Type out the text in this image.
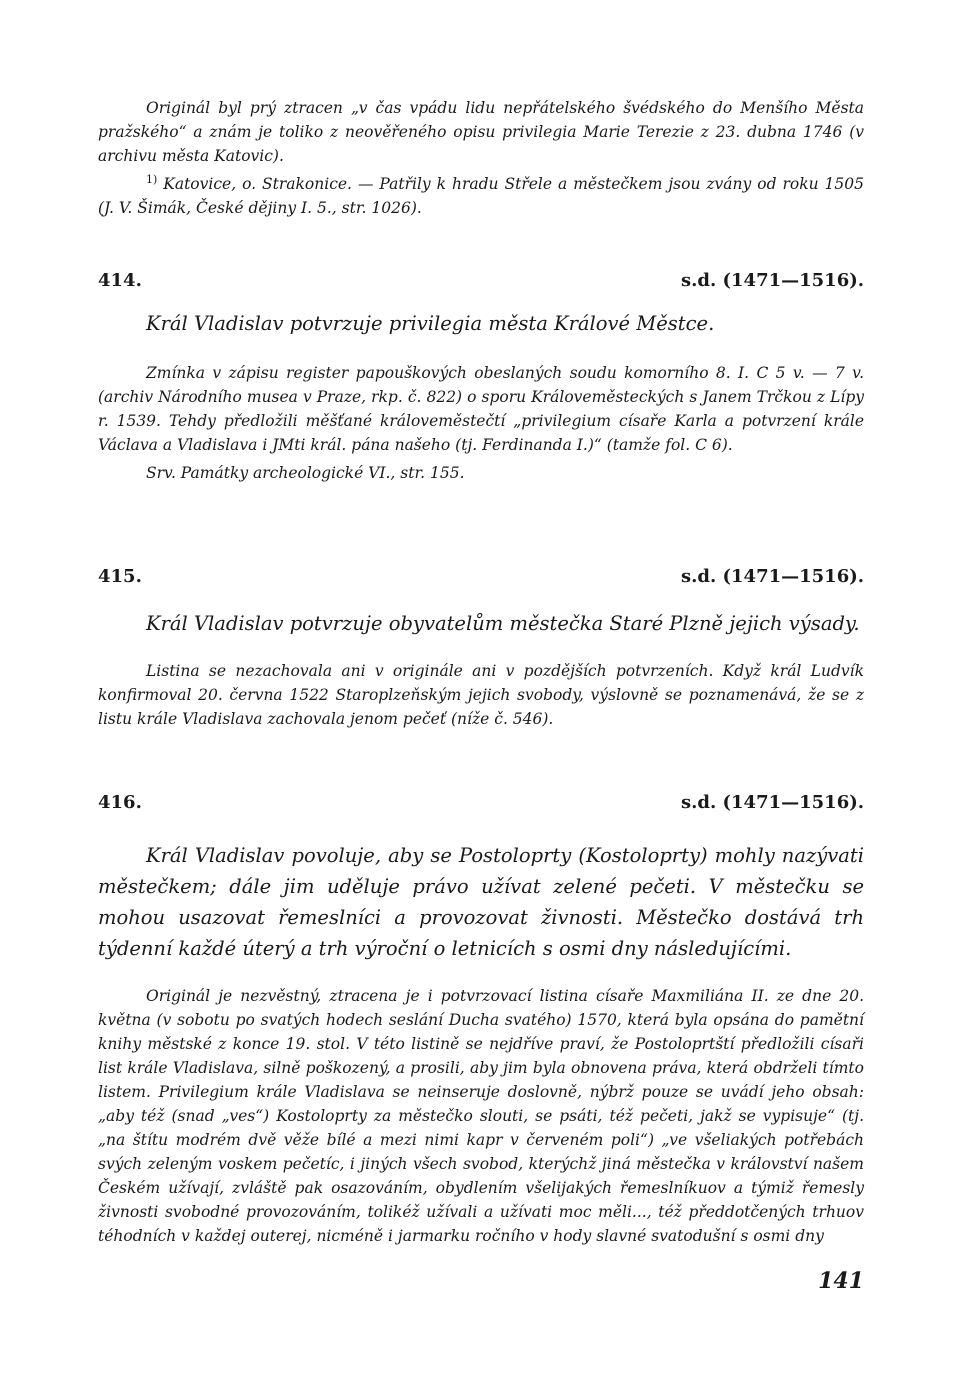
Originál byl prý ztracen „v čas vpádu lidu nepřátelského švédského do Menšího Města pražského“ a znám je toliko z neověřeného opisu privilegia Marie Terezie z 23. dubna 1746 (v archivu města Katovic).

$^{1)}$ Katovice, o. Strakonice. — Patřily k hradu Střele a městečkem jsou zvány od roku 1505 (J. V. Šimák, České dějiny I. 5., str. 1026).

414.	s.d. (1471—1516).

Král Vladislav potvrzuje privilegia města Králové Městce.

Zmínka v zápisu register papouškových obeslaných soudu komorního 8. I. C 5 v. — 7 v. (archiv Národního musea v Praze, rkp. č. 822) o sporu Královeměsteckých s Janem Trčkou z Lípy r. 1539. Tehdy předložili měšťané královeměstečtí „privilegium císaře Karla a potvrzení krále Václava a Vladislava i JMti král. pána našeho (tj. Ferdinanda I.)“ (tamže fol. C 6).

Srv. Památky archeologické VI., str. 155.

415.	s.d. (1471—1516).

Král Vladislav potvrzuje obyvatelům městečka Staré Plzně jejich výsady.

Listina se nezachovala ani v originále ani v pozdějších potvrzeních. Když král Ludvík konfirmoval 20. června 1522 Staroplzeňským jejich svobody, výslovně se poznamenává, že se z listu krále Vladislava zachovala jenom pečeť (níže č. 546).

416.	s.d. (1471—1516).

Král Vladislav povoluje, aby se Postoloprty (Kostoloprty) mohly nazývati městečkem; dále jim uděluje právo užívat zelené pečeti. V městečku se mohou usazovat řemeslníci a provozovat živnosti. Městečko dostává trh týdenní každé úterý a trh výroční o letnicích s osmi dny následujícími.

Originál je nezvěstný, ztracena je i potvrzovací listina císaře Maxmiliána II. ze dne 20. května (v sobotu po svatých hodech seslání Ducha svatého) 1570, která byla opsána do pamětní knihy městské z konce 19. stol. V této listině se nejdříve praví, že Postoloprtští předložili císaři list krále Vladislava, silně poškozený, a prosili, aby jim byla obnovena práva, která obdrželi tímto listem. Privilegium krále Vladislava se neinseruje doslovně, nýbrž pouze se uvádí jeho obsah: „aby též (snad „ves“) Kostoloprty za městečko slouti, se psáti, též pečeti, jakž se vypisuje“ (tj. „na štítu modrém dvě věže bílé a mezi nimi kapr v červeném poli“) „ve všeliakých potřebách svých zeleným voskem pečetíc, i jiných všech svobod, kterýchž jiná městečka v království našem Českém užívají, zvláště pak osazováním, obydlením všelijakých řemeslníkuov a týmiž řemesly živnosti svobodné provozováním, tolikéž užívali a užívati moc měli..., též předdotčených trhuov téhodních v každej outerej, nicméně i jarmarku ročního v hody slavné svatodušní s osmi dny

141
